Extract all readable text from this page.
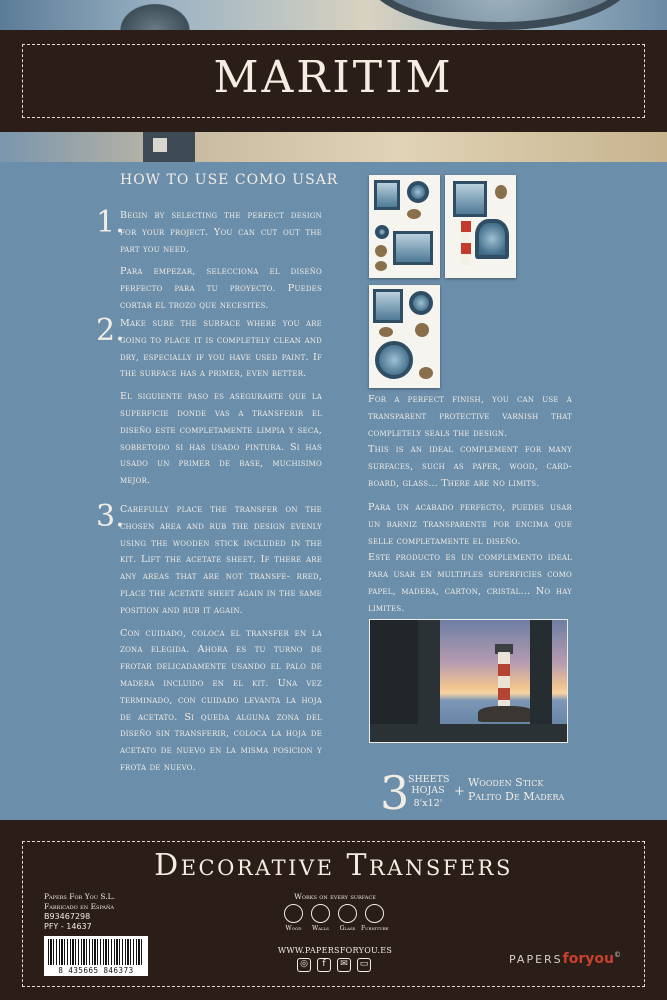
MARITIM
HOW TO USE COMO USAR
1.
Begin by selecting the perfect design for your project. You can cut out the part you need.
Para empezar, selecciona el diseño perfecto para tu proyecto. Puedes cortar el trozo que necesites.
2.
Make sure the surface where you are going to place it is completely clean and dry, especially if you have used paint. If the surface has a primer, even better.
El siguiente paso es asegurarte que la superficie donde vas a transferir el diseño este completamente limpia y seca, sobretodo si has usado pintura. Si has usado un primer de base, muchisimo mejor.
3.
Carefully place the transfer on the chosen area and rub the design evenly using the wooden stick included in the kit. Lift the acetate sheet. If there are any areas that are not transfe- rred, place the acetate sheet again in the same position and rub it again.
Con cuidado, coloca el transfer en la zona elegida. Ahora es tu turno de frotar delicadamente usando el palo de madera incluido en el kit. Una vez terminado, con cuidado levanta la hoja de acetato. Si queda alguna zona del diseño sin transferir, coloca la hoja de acetato de nuevo en la misma posicion y frota de nuevo.
For a perfect finish, you can use a transparent protective varnish that completely seals the design.
This is an ideal complement for many surfaces, such as paper, wood, card- board, glass... There are no limits.
Para un acabado perfecto, puedes usar un barniz transparente por encima que selle completamente el diseño.
Este producto es un complemento ideal para usar en multiples superficies como papel, madera, carton, cristal... No hay limites.
3
SHEETS
HOJAS
8'x12'
+
Wooden Stick
Palito De Madera
Decorative Transfers
Papers For You S.L.
Fabricado en España
B93467298
PFY - 14637
8 435665 846373
Works on every surface
Wood	Walls	Glass Furniture
WWW.PAPERSFORYOU.ES
◎	f	✉	▭	PAPERSforyou©
